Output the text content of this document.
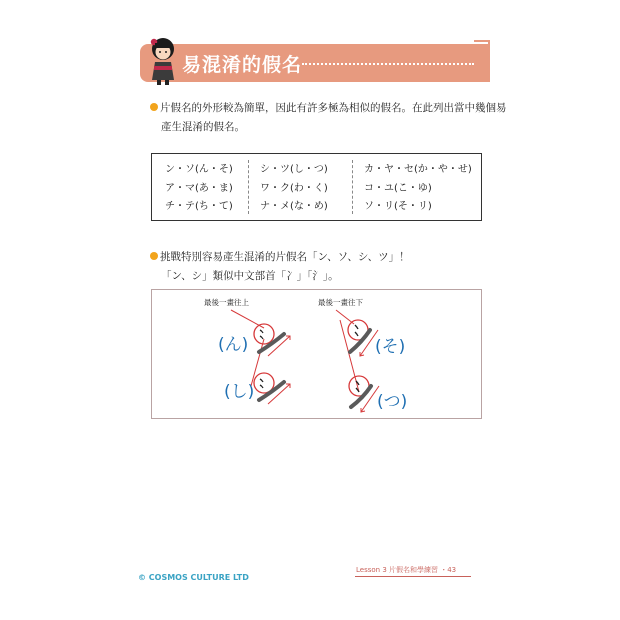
易混淆的假名
片假名的外形較為簡單，因此有許多極為相似的假名。在此列出當中幾個易
產生混淆的假名。
ン・ソ(ん・そ)
ア・マ(あ・ま)
チ・テ(ち・て)
シ・ツ(し・つ)
ワ・ク(わ・く)
ナ・メ(な・め)
カ・ヤ・セ(か・や・せ)
コ・ユ(こ・ゆ)
ソ・リ(そ・リ)
挑戰特別容易產生混淆的片假名「ン、ソ、シ、ツ」！
「ン、シ」類似中文部首「冫」「氵」。
最後一畫往上	最後一畫往下
(ん)
(し)
(そ)
(つ)
© COSMOS CULTURE LTD
Lesson 3 片假名和學練習 ・43
